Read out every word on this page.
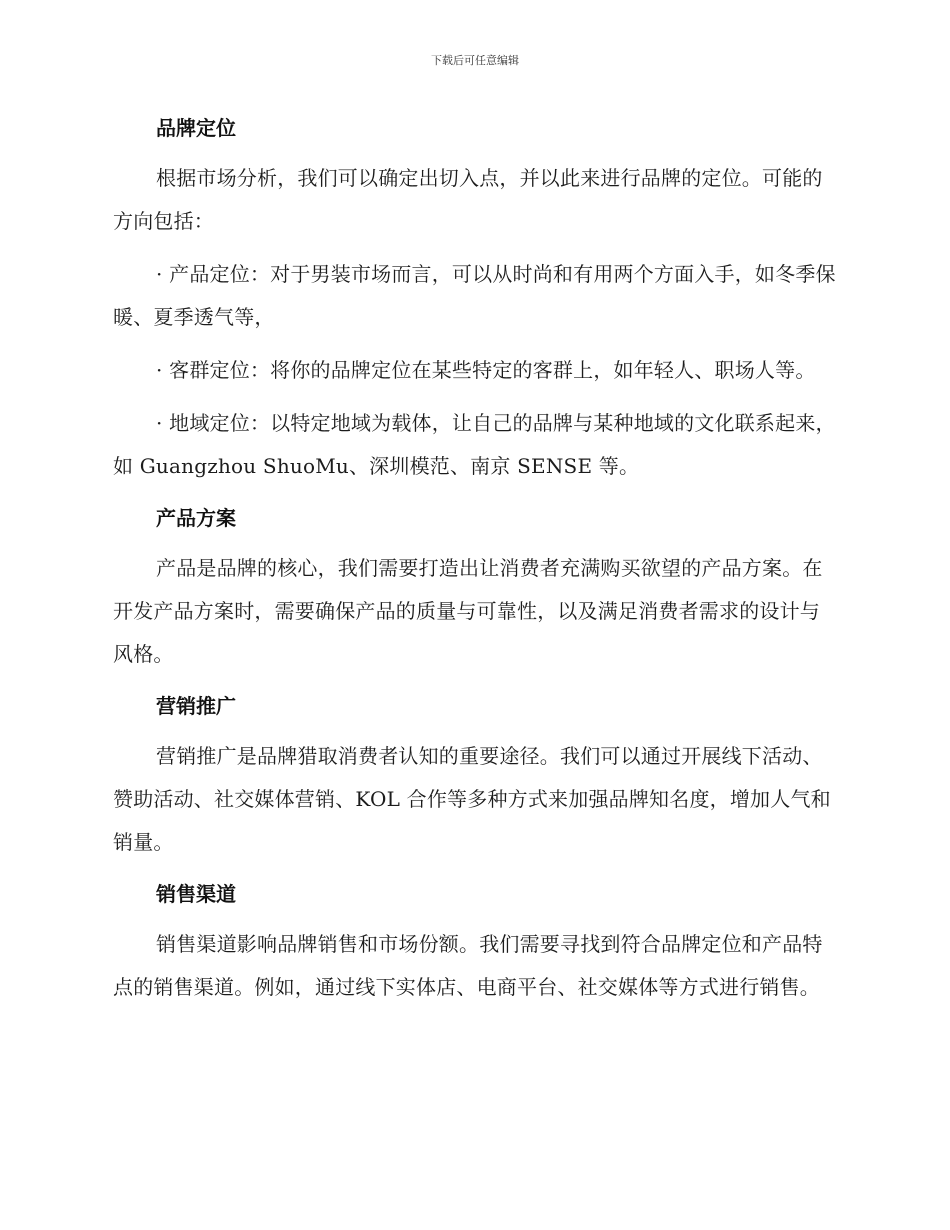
下载后可任意编辑
品牌定位

根据市场分析，我们可以确定出切入点，并以此来进行品牌的定位。可能的方向包括：

· 产品定位：对于男装市场而言，可以从时尚和有用两个方面入手，如冬季保暖、夏季透气等，

· 客群定位：将你的品牌定位在某些特定的客群上，如年轻人、职场人等。

· 地域定位：以特定地域为载体，让自己的品牌与某种地域的文化联系起来，如 Guangzhou ShuoMu、深圳模范、南京 SENSE 等。

产品方案

产品是品牌的核心，我们需要打造出让消费者充满购买欲望的产品方案。在开发产品方案时，需要确保产品的质量与可靠性，以及满足消费者需求的设计与风格。

营销推广

营销推广是品牌猎取消费者认知的重要途径。我们可以通过开展线下活动、赞助活动、社交媒体营销、KOL 合作等多种方式来加强品牌知名度，增加人气和销量。

销售渠道

销售渠道影响品牌销售和市场份额。我们需要寻找到符合品牌定位和产品特点的销售渠道。例如，通过线下实体店、电商平台、社交媒体等方式进行销售。
